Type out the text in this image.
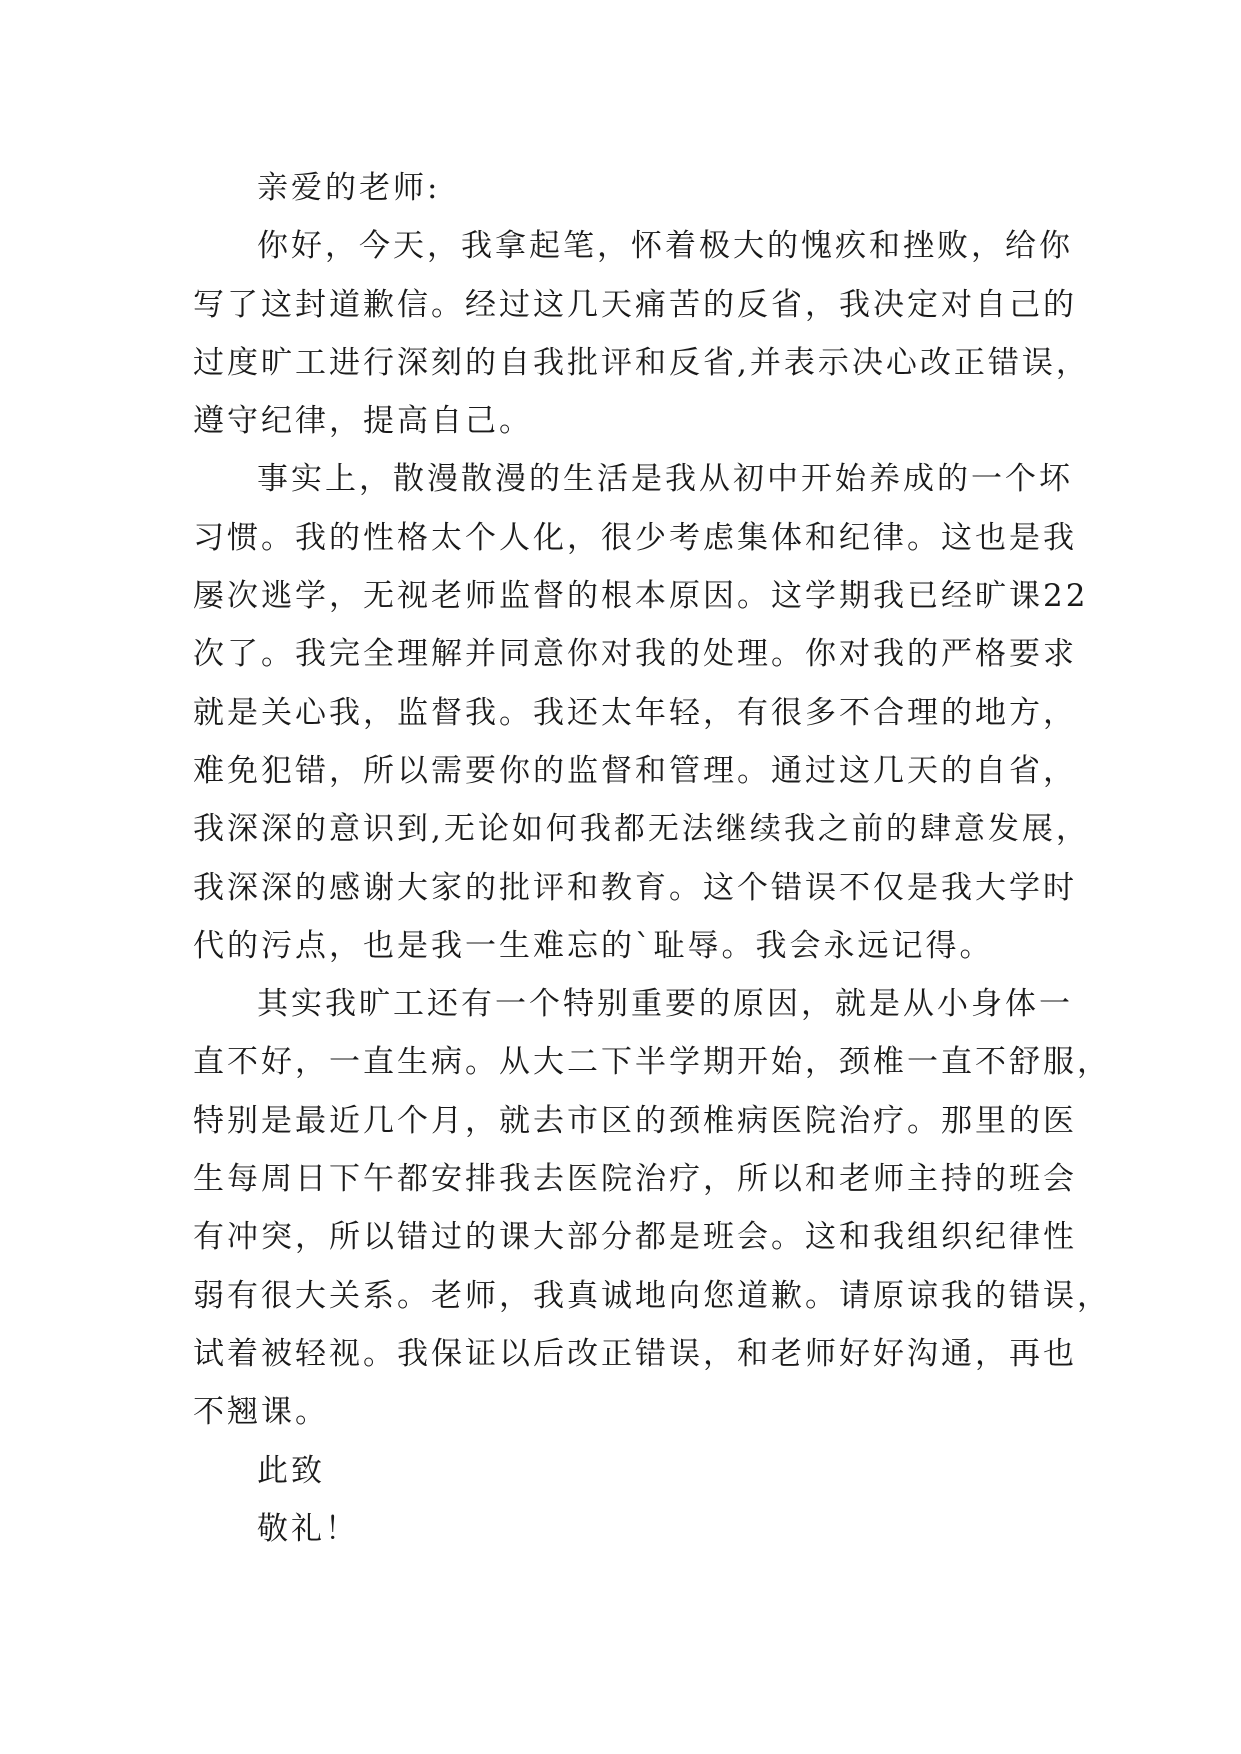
亲爱的老师:
你好，今天，我拿起笔，怀着极大的愧疚和挫败，给你
写了这封道歉信。经过这几天痛苦的反省，我决定对自己的
过度旷工进行深刻的自我批评和反省,并表示决心改正错误，
遵守纪律，提高自己。
事实上，散漫散漫的生活是我从初中开始养成的一个坏
习惯。我的性格太个人化，很少考虑集体和纪律。这也是我
屡次逃学，无视老师监督的根本原因。这学期我已经旷课22
次了。我完全理解并同意你对我的处理。你对我的严格要求
就是关心我，监督我。我还太年轻，有很多不合理的地方，
难免犯错，所以需要你的监督和管理。通过这几天的自省，
我深深的意识到,无论如何我都无法继续我之前的肆意发展，
我深深的感谢大家的批评和教育。这个错误不仅是我大学时
代的污点，也是我一生难忘的`耻辱。我会永远记得。
其实我旷工还有一个特别重要的原因，就是从小身体一
直不好，一直生病。从大二下半学期开始，颈椎一直不舒服，
特别是最近几个月，就去市区的颈椎病医院治疗。那里的医
生每周日下午都安排我去医院治疗，所以和老师主持的班会
有冲突，所以错过的课大部分都是班会。这和我组织纪律性
弱有很大关系。老师，我真诚地向您道歉。请原谅我的错误，
试着被轻视。我保证以后改正错误，和老师好好沟通，再也
不翘课。
此致
敬礼！
